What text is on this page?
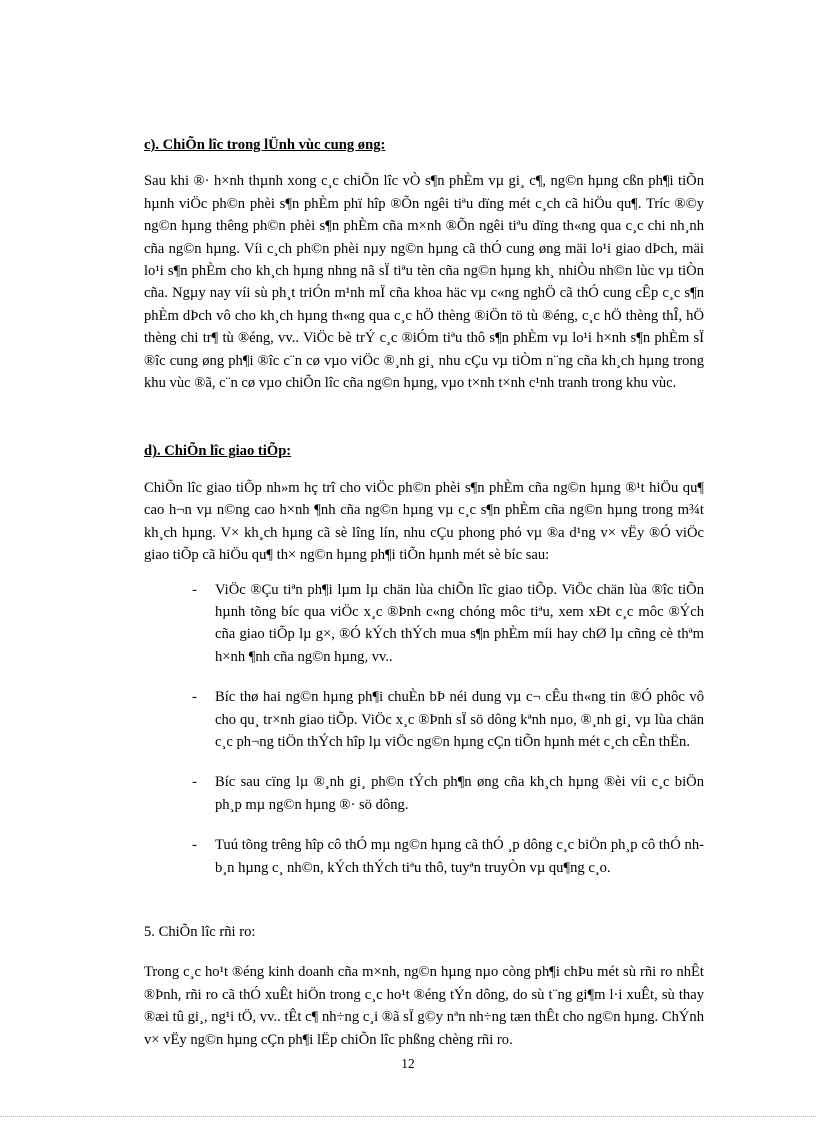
c). ChiÕn lîc trong lÜnh vùc cung øng:

Sau khi ®· h×nh thµnh xong c¸c chiÕn lîc vÒ s¶n phÈm vµ gi¸ c¶, ng©n hµng cßn ph¶i tiÕn hµnh viÖc ph©n phèi s¶n phÈm phï hîp ®Õn ngêi tiªu dïng mét c¸ch cã hiÖu qu¶. Tríc ®©y ng©n hµng thêng ph©n phèi s¶n phÈm cña m×nh ®Õn ngêi tiªu dïng th«ng qua c¸c chi nh¸nh cña ng©n hµng. Víi c¸ch ph©n phèi nµy ng©n hµng cã thÓ cung øng mäi lo¹i giao dÞch, mäi lo¹i s¶n phÈm cho kh¸ch hµng nhng nã sÏ tiªu tèn cña ng©n hµng kh¸ nhiÒu nh©n lùc vµ tiÒn cña. Ngµy nay víi sù ph¸t triÓn m¹nh mÏ cña khoa häc vµ c«ng nghÖ cã thÓ cung cÊp c¸c s¶n phÈm dÞch vô cho kh¸ch hµng th«ng qua c¸c hÖ thèng ®iÖn tö tù ®éng, c¸c hÖ thèng thÎ, hÖ thèng chi tr¶ tù ®éng, vv.. ViÖc bè trÝ c¸c ®iÓm tiªu thô s¶n phÈm vµ lo¹i h×nh s¶n phÈm sÏ ®îc cung øng ph¶i ®îc c¨n cø vµo viÖc ®¸nh gi¸ nhu cÇu vµ tiÒm n¨ng cña kh¸ch hµng trong khu vùc ®ã, c¨n cø vµo chiÕn lîc cña ng©n hµng, vµo t×nh t×nh c¹nh tranh trong khu vùc.

d). ChiÕn lîc giao tiÕp:

ChiÕn lîc giao tiÕp nh»m hç trî cho viÖc ph©n phèi s¶n phÈm cña ng©n hµng ®¹t hiÖu qu¶ cao h¬n vµ n©ng cao h×nh ¶nh cña ng©n hµng vµ c¸c s¶n phÈm cña ng©n hµng trong m¾t kh¸ch hµng. V× kh¸ch hµng cã sè lîng lín, nhu cÇu phong phó vµ ®a d¹ng v× vËy ®Ó viÖc giao tiÕp cã hiÖu qu¶ th× ng©n hµng ph¶i tiÕn hµnh mét sè bíc sau:

- ViÖc ®Çu tiªn ph¶i lµm lµ chän lùa chiÕn lîc giao tiÕp. ViÖc chän lùa ®îc tiÕn hµnh tõng bíc qua viÖc x¸c ®Þnh c«ng chóng môc tiªu, xem xÐt c¸c môc ®Ých cña giao tiÕp lµ g×, ®Ó kÝch thÝch mua s¶n phÈm míi hay chØ lµ cñng cè thªm h×nh ¶nh cña ng©n hµng, vv..
- Bíc thø hai ng©n hµng ph¶i chuÈn bÞ néi dung vµ c¬ cÊu th«ng tin ®Ó phôc vô cho qu¸ tr×nh giao tiÕp. ViÖc x¸c ®Þnh sÏ sö dông kªnh nµo, ®¸nh gi¸ vµ lùa chän c¸c ph¬ng tiÖn thÝch hîp lµ viÖc ng©n hµng cÇn tiÕn hµnh mét c¸ch cÈn thËn.
- Bíc sau cïng lµ ®¸nh gi¸ ph©n tÝch ph¶n øng cña kh¸ch hµng ®èi víi c¸c biÖn ph¸p mµ ng©n hµng ®· sö dông.
- Tuú tõng trêng hîp cô thÓ mµ ng©n hµng cã thÓ ¸p dông c¸c biÖn ph¸p cô thÓ nh b¸n hµng c¸ nh©n, kÝch thÝch tiªu thô, tuyªn truyÒn vµ qu¶ng c¸o.
5. ChiÕn lîc rñi ro:

Trong c¸c ho¹t ®éng kinh doanh cña m×nh, ng©n hµng nµo còng ph¶i chÞu mét sù rñi ro nhÊt ®Þnh, rñi ro cã thÓ xuÊt hiÖn trong c¸c ho¹t ®éng tÝn dông, do sù t¨ng gi¶m l·i xuÊt, sù thay ®æi tû gi¸, ng¹i tÖ, vv.. tÊt c¶ nh÷ng c¸i ®ã sÏ g©y nªn nh÷ng tæn thÊt cho ng©n hµng. ChÝnh v× vËy ng©n hµng cÇn ph¶i lËp chiÕn lîc phßng chèng rñi ro.

12
